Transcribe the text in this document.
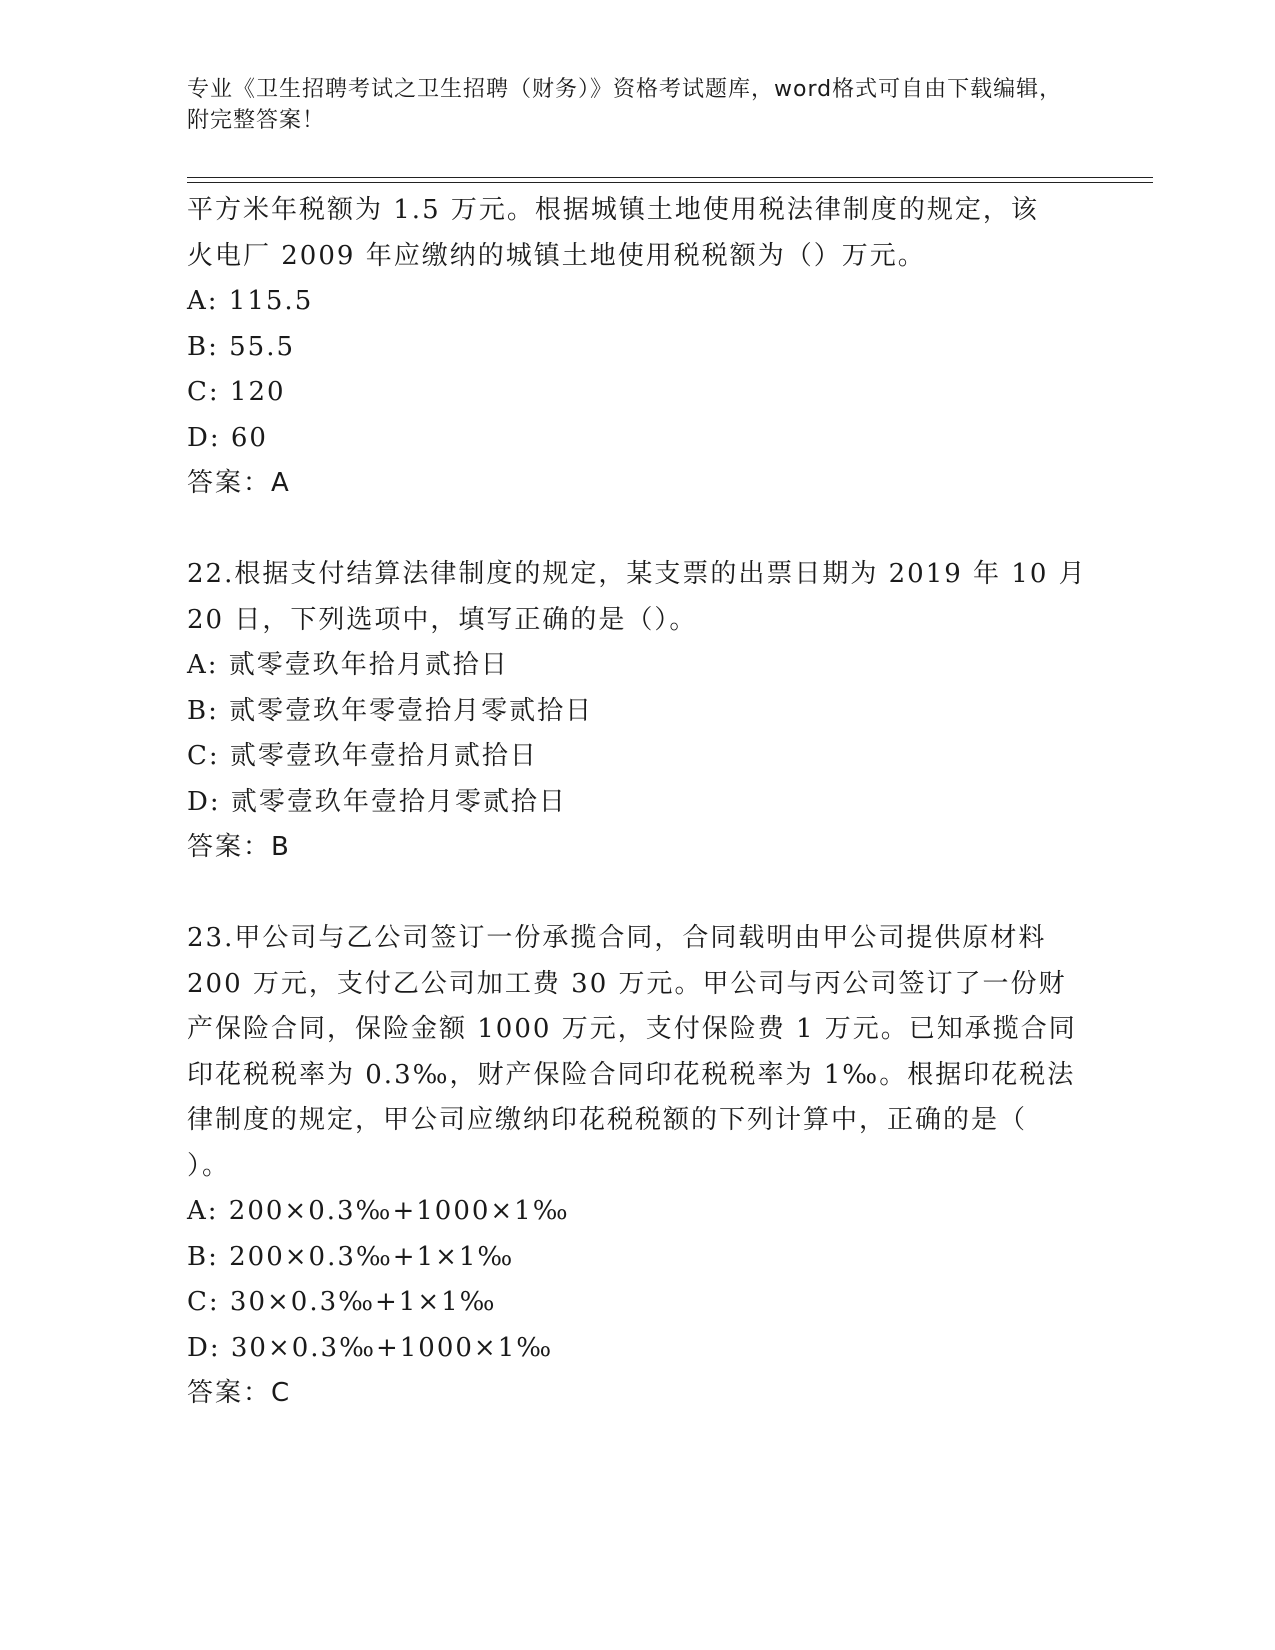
专业《卫生招聘考试之卫生招聘（财务）》资格考试题库，word格式可自由下载编辑，附完整答案！
平方米年税额为 1.5 万元。根据城镇土地使用税法律制度的规定，该
火电厂 2009 年应缴纳的城镇土地使用税税额为（）万元。
A: 115.5
B: 55.5
C: 120
D: 60
答案：A
22.根据支付结算法律制度的规定，某支票的出票日期为 2019 年 10 月
20 日，下列选项中，填写正确的是（）。
A: 贰零壹玖年拾月贰拾日
B: 贰零壹玖年零壹拾月零贰拾日
C: 贰零壹玖年壹拾月贰拾日
D: 贰零壹玖年壹拾月零贰拾日
答案：B
23.甲公司与乙公司签订一份承揽合同，合同载明由甲公司提供原材料
200 万元，支付乙公司加工费 30 万元。甲公司与丙公司签订了一份财
产保险合同，保险金额 1000 万元，支付保险费 1 万元。已知承揽合同
印花税税率为 0.3‰，财产保险合同印花税税率为 1‰。根据印花税法
律制度的规定，甲公司应缴纳印花税税额的下列计算中，正确的是（
）。
A: 200×0.3‰+1000×1‰
B: 200×0.3‰+1×1‰
C: 30×0.3‰+1×1‰
D: 30×0.3‰+1000×1‰
答案：C
